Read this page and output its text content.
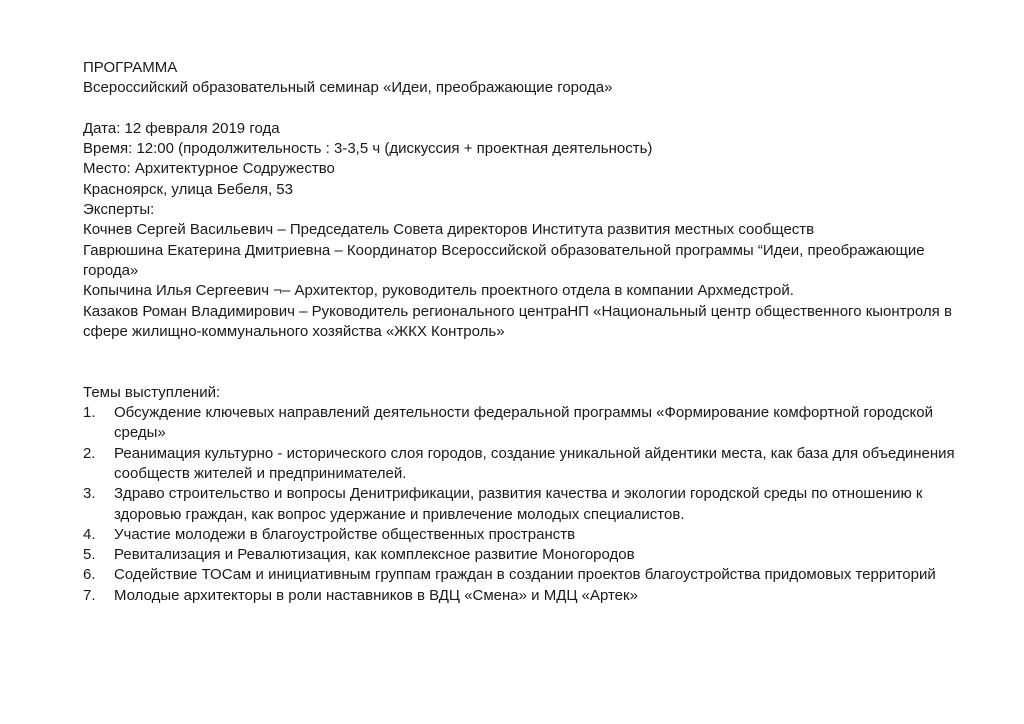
ПРОГРАММА
Всероссийский образовательный семинар «Идеи, преображающие города»
Дата: 12 февраля 2019 года
Время: 12:00 (продолжительность : 3-3,5 ч (дискуссия + проектная деятельность)
Место: Архитектурное Содружество
Красноярск, улица Бебеля, 53
Эксперты:
Кочнев Сергей Васильевич – Председатель Совета директоров Института развития местных сообществ
Гаврюшина Екатерина Дмитриевна – Координатор Всероссийской образовательной программы “Идеи, преображающие города»
Копычина Илья Сергеевич ¬– Архитектор, руководитель проектного отдела в компании Архмедстрой.
Казаков Роман Владимирович – Руководитель регионального центраНП «Национальный центр общественного кыонтроля в сфере жилищно-коммунального хозяйства «ЖКХ Контроль»
Темы выступлений:
1.	Обсуждение ключевых направлений деятельности федеральной программы «Формирование комфортной городской среды»
2.	Реанимация культурно - исторического слоя городов, создание уникальной айдентики места, как база для объединения сообществ жителей и предпринимателей.
3.	Здраво строительство и вопросы Денитрификации, развития качества и экологии городской среды по отношению к здоровью граждан, как вопрос удержание и привлечение молодых специалистов.
4.	Участие молодежи в благоустройстве общественных пространств
5.	Ревитализация и Ревалютизация, как комплексное развитие Моногородов
6.	Содействие ТОСам и инициативным группам граждан в создании проектов благоустройства придомовых территорий
7.	Молодые архитекторы в роли наставников в ВДЦ «Смена» и МДЦ «Артек»
